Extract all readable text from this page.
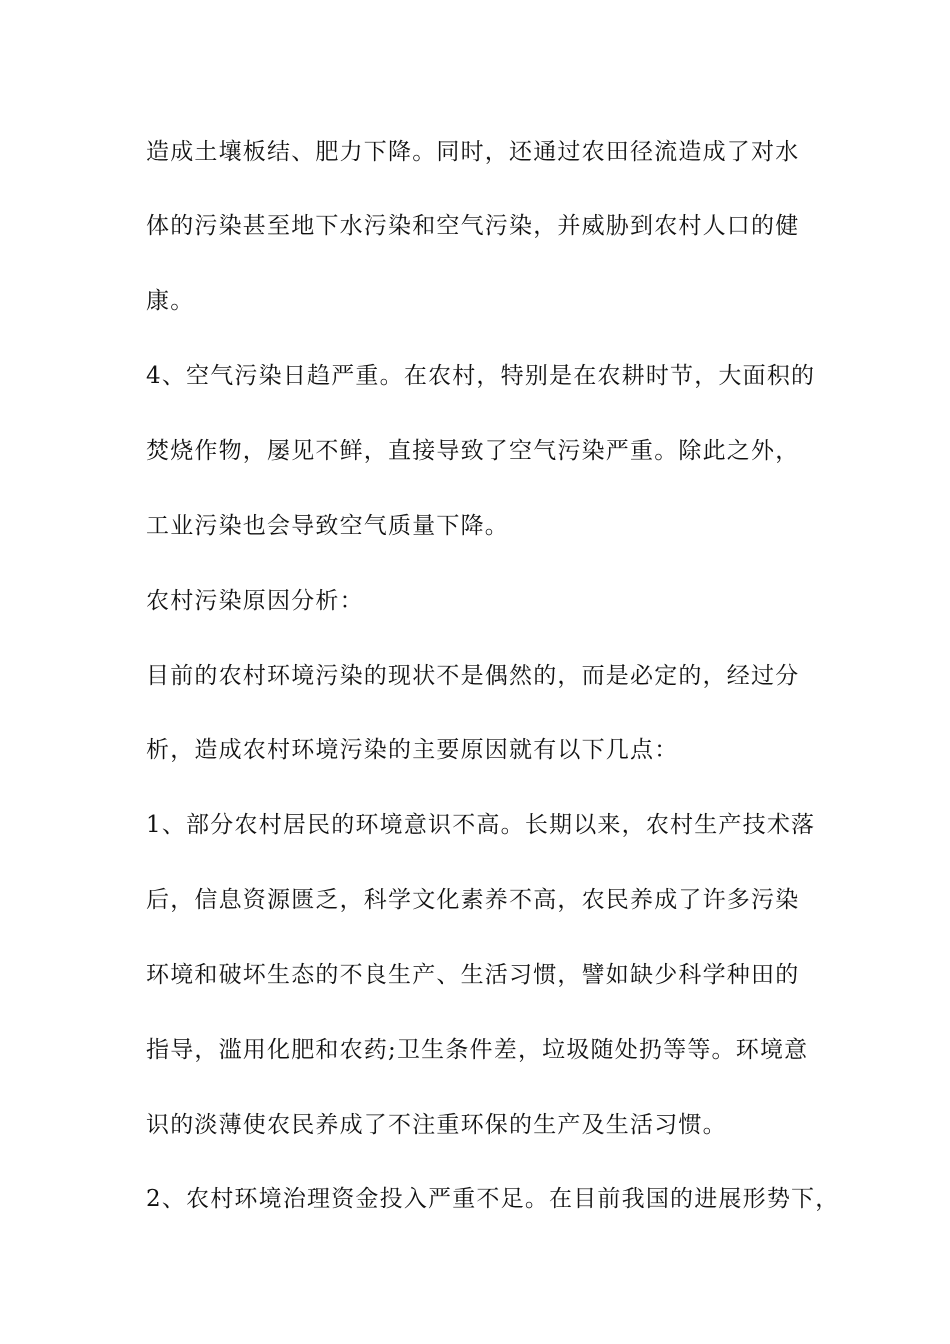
造成土壤板结、肥力下降。同时，还通过农田径流造成了对水
体的污染甚至地下水污染和空气污染，并威胁到农村人口的健
康。
4、空气污染日趋严重。在农村，特别是在农耕时节，大面积的
焚烧作物，屡见不鲜，直接导致了空气污染严重。除此之外，
工业污染也会导致空气质量下降。
农村污染原因分析：
目前的农村环境污染的现状不是偶然的，而是必定的，经过分
析，造成农村环境污染的主要原因就有以下几点：
1、部分农村居民的环境意识不高。长期以来，农村生产技术落
后，信息资源匮乏，科学文化素养不高，农民养成了许多污染
环境和破坏生态的不良生产、生活习惯，譬如缺少科学种田的
指导，滥用化肥和农药;卫生条件差，垃圾随处扔等等。环境意
识的淡薄使农民养成了不注重环保的生产及生活习惯。
2、农村环境治理资金投入严重不足。在目前我国的进展形势下，
